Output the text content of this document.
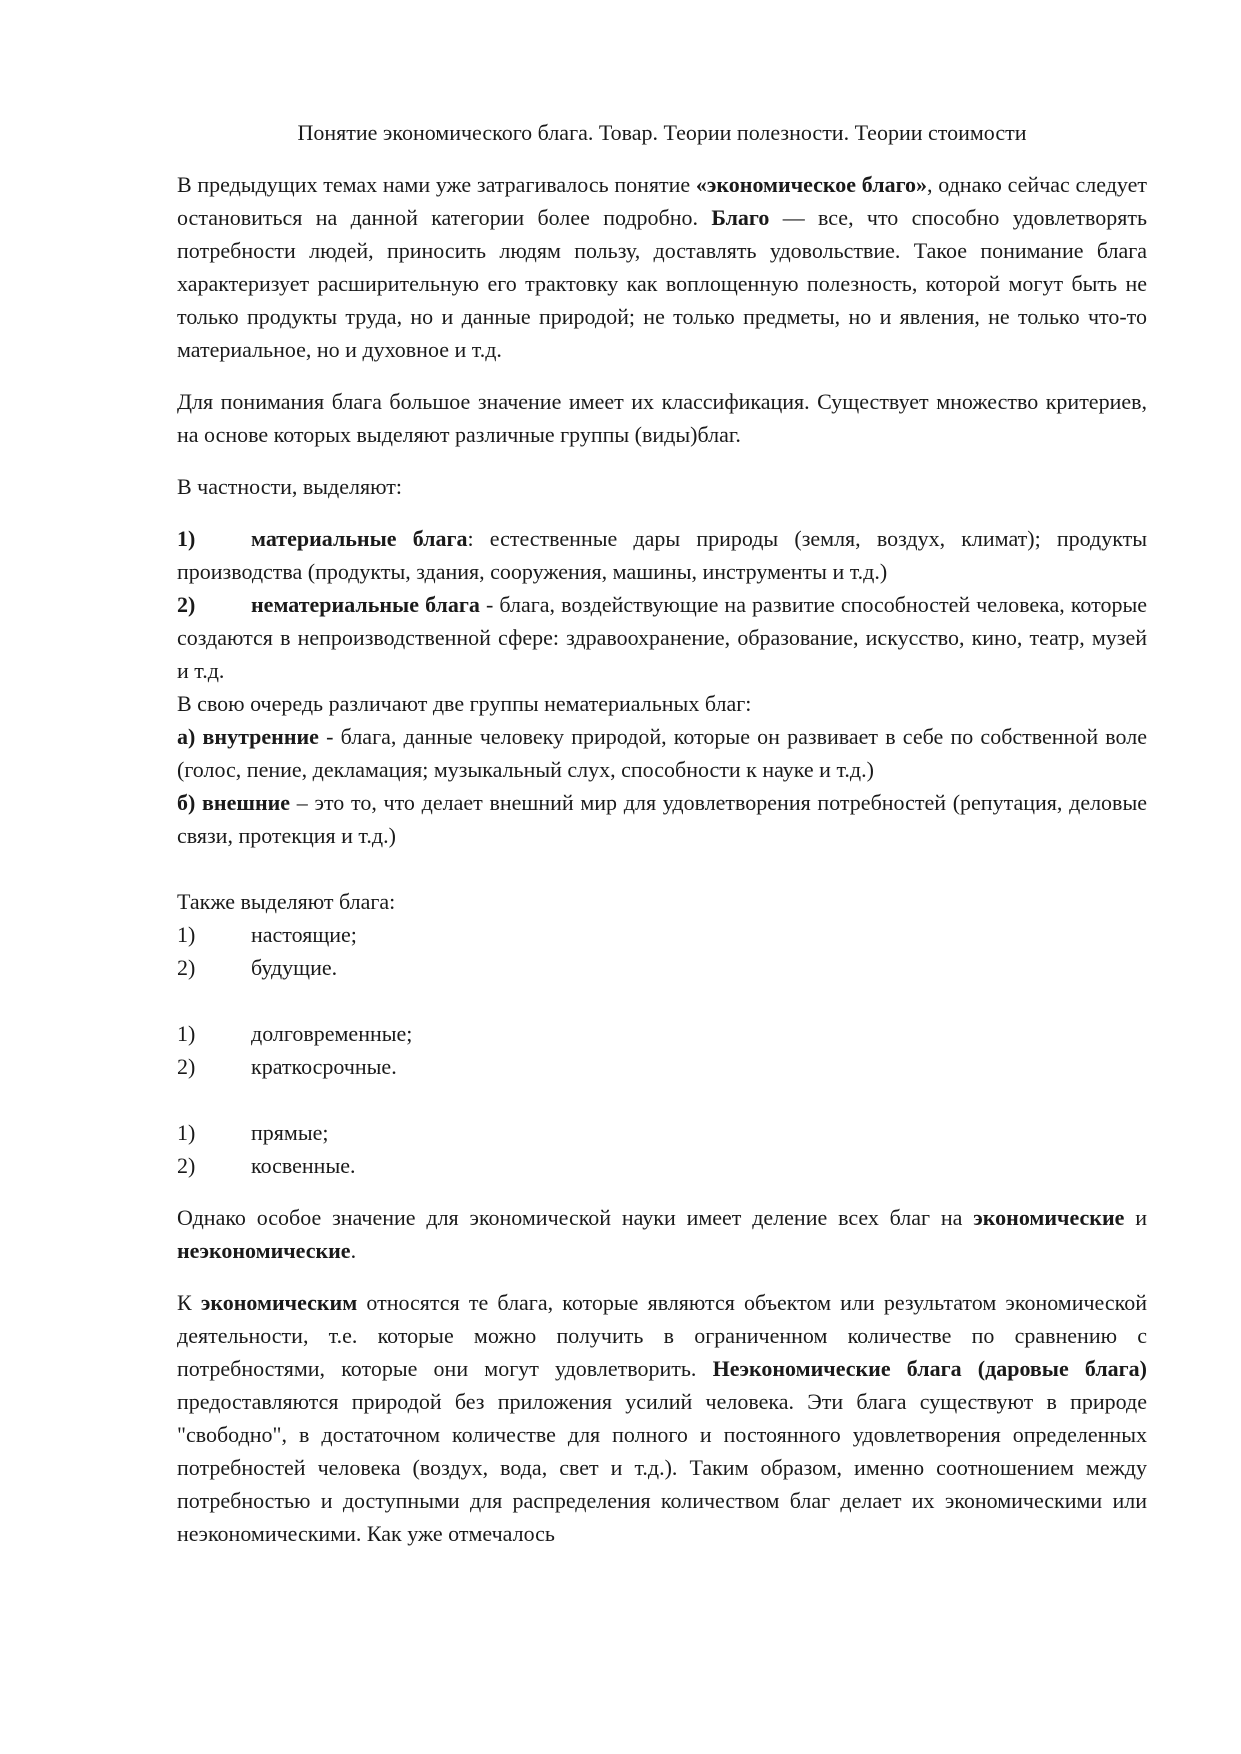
Понятие экономического блага. Товар. Теории полезности. Теории стоимости

В предыдущих темах нами уже затрагивалось понятие «экономическое благо», однако сейчас следует остановиться на данной категории более подробно. Благо — все, что способно удовлетворять потребности людей, приносить людям пользу, доставлять удовольствие. Такое понимание блага характеризует расширительную его трактовку как воплощенную полезность, которой могут быть не только продукты труда, но и данные природой; не только предметы, но и явления, не только что-то материальное, но и духовное и т.д.

Для понимания блага большое значение имеет их классификация. Существует множество критериев, на основе которых выделяют различные группы (виды)благ.

В частности, выделяют:

1)	материальные блага: естественные дары природы (земля, воздух, климат); продукты производства (продукты, здания, сооружения, машины, инструменты и т.д.)

2)	нематериальные блага - блага, воздействующие на развитие способностей человека, которые создаются в непроизводственной сфере: здравоохранение, образование, искусство, кино, театр, музей и т.д.

В свою очередь различают две группы нематериальных благ:

а) внутренние - блага, данные человеку природой, которые он развивает в себе по собственной воле (голос, пение, декламация; музыкальный слух, способности к науке и т.д.)

б) внешние – это то, что делает внешний мир для удовлетворения потребностей (репутация, деловые связи, протекция и т.д.)

Также выделяют блага:

1)	настоящие;
2)	будущие.
1)	долговременные;
2)	краткосрочные.
1)	прямые;
2)	косвенные.

Однако особое значение для экономической науки имеет деление всех благ на экономические и неэкономические.

К экономическим относятся те блага, которые являются объектом или результатом экономической деятельности, т.е. которые можно получить в ограниченном количестве по сравнению с потребностями, которые они могут удовлетворить. Неэкономические блага (даровые блага) предоставляются природой без приложения усилий человека. Эти блага существуют в природе "свободно", в достаточном количестве для полного и постоянного удовлетворения определенных потребностей человека (воздух, вода, свет и т.д.). Таким образом, именно соотношением между потребностью и доступными для распределения количеством благ делает их экономическими или неэкономическими. Как уже отмечалось
